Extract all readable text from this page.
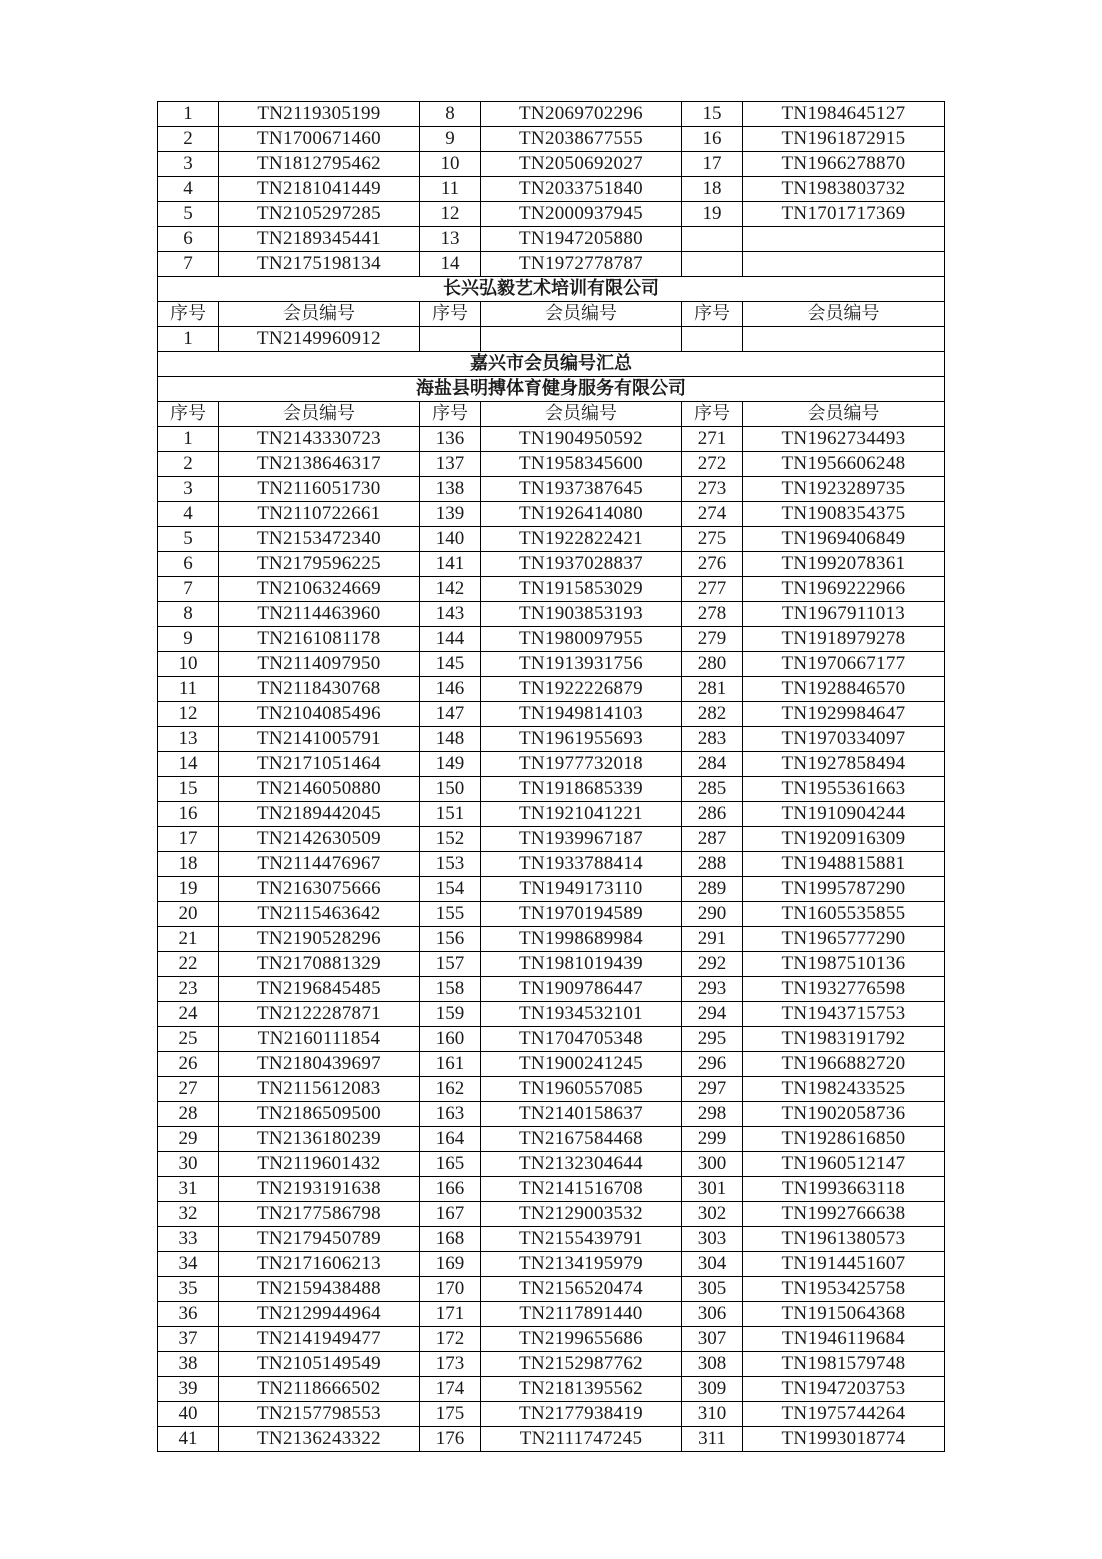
1	TN2119305199	8	TN2069702296	15	TN1984645127
2	TN1700671460	9	TN2038677555	16	TN1961872915
3	TN1812795462	10	TN2050692027	17	TN1966278870
4	TN2181041449	11	TN2033751840	18	TN1983803732
5	TN2105297285	12	TN2000937945	19	TN1701717369
6	TN2189345441	13	TN1947205880		
7	TN2175198134	14	TN1972778787		
长兴弘毅艺术培训有限公司					
序号	会员编号	序号	会员编号	序号	会员编号
1	TN2149960912				
嘉兴市会员编号汇总					
海盐县明搏体育健身服务有限公司					
序号	会员编号	序号	会员编号	序号	会员编号
1	TN2143330723	136	TN1904950592	271	TN1962734493
2	TN2138646317	137	TN1958345600	272	TN1956606248
3	TN2116051730	138	TN1937387645	273	TN1923289735
4	TN2110722661	139	TN1926414080	274	TN1908354375
5	TN2153472340	140	TN1922822421	275	TN1969406849
6	TN2179596225	141	TN1937028837	276	TN1992078361
7	TN2106324669	142	TN1915853029	277	TN1969222966
8	TN2114463960	143	TN1903853193	278	TN1967911013
9	TN2161081178	144	TN1980097955	279	TN1918979278
10	TN2114097950	145	TN1913931756	280	TN1970667177
11	TN2118430768	146	TN1922226879	281	TN1928846570
12	TN2104085496	147	TN1949814103	282	TN1929984647
13	TN2141005791	148	TN1961955693	283	TN1970334097
14	TN2171051464	149	TN1977732018	284	TN1927858494
15	TN2146050880	150	TN1918685339	285	TN1955361663
16	TN2189442045	151	TN1921041221	286	TN1910904244
17	TN2142630509	152	TN1939967187	287	TN1920916309
18	TN2114476967	153	TN1933788414	288	TN1948815881
19	TN2163075666	154	TN1949173110	289	TN1995787290
20	TN2115463642	155	TN1970194589	290	TN1605535855
21	TN2190528296	156	TN1998689984	291	TN1965777290
22	TN2170881329	157	TN1981019439	292	TN1987510136
23	TN2196845485	158	TN1909786447	293	TN1932776598
24	TN2122287871	159	TN1934532101	294	TN1943715753
25	TN2160111854	160	TN1704705348	295	TN1983191792
26	TN2180439697	161	TN1900241245	296	TN1966882720
27	TN2115612083	162	TN1960557085	297	TN1982433525
28	TN2186509500	163	TN2140158637	298	TN1902058736
29	TN2136180239	164	TN2167584468	299	TN1928616850
30	TN2119601432	165	TN2132304644	300	TN1960512147
31	TN2193191638	166	TN2141516708	301	TN1993663118
32	TN2177586798	167	TN2129003532	302	TN1992766638
33	TN2179450789	168	TN2155439791	303	TN1961380573
34	TN2171606213	169	TN2134195979	304	TN1914451607
35	TN2159438488	170	TN2156520474	305	TN1953425758
36	TN2129944964	171	TN2117891440	306	TN1915064368
37	TN2141949477	172	TN2199655686	307	TN1946119684
38	TN2105149549	173	TN2152987762	308	TN1981579748
39	TN2118666502	174	TN2181395562	309	TN1947203753
40	TN2157798553	175	TN2177938419	310	TN1975744264
41	TN2136243322	176	TN2111747245	311	TN1993018774
